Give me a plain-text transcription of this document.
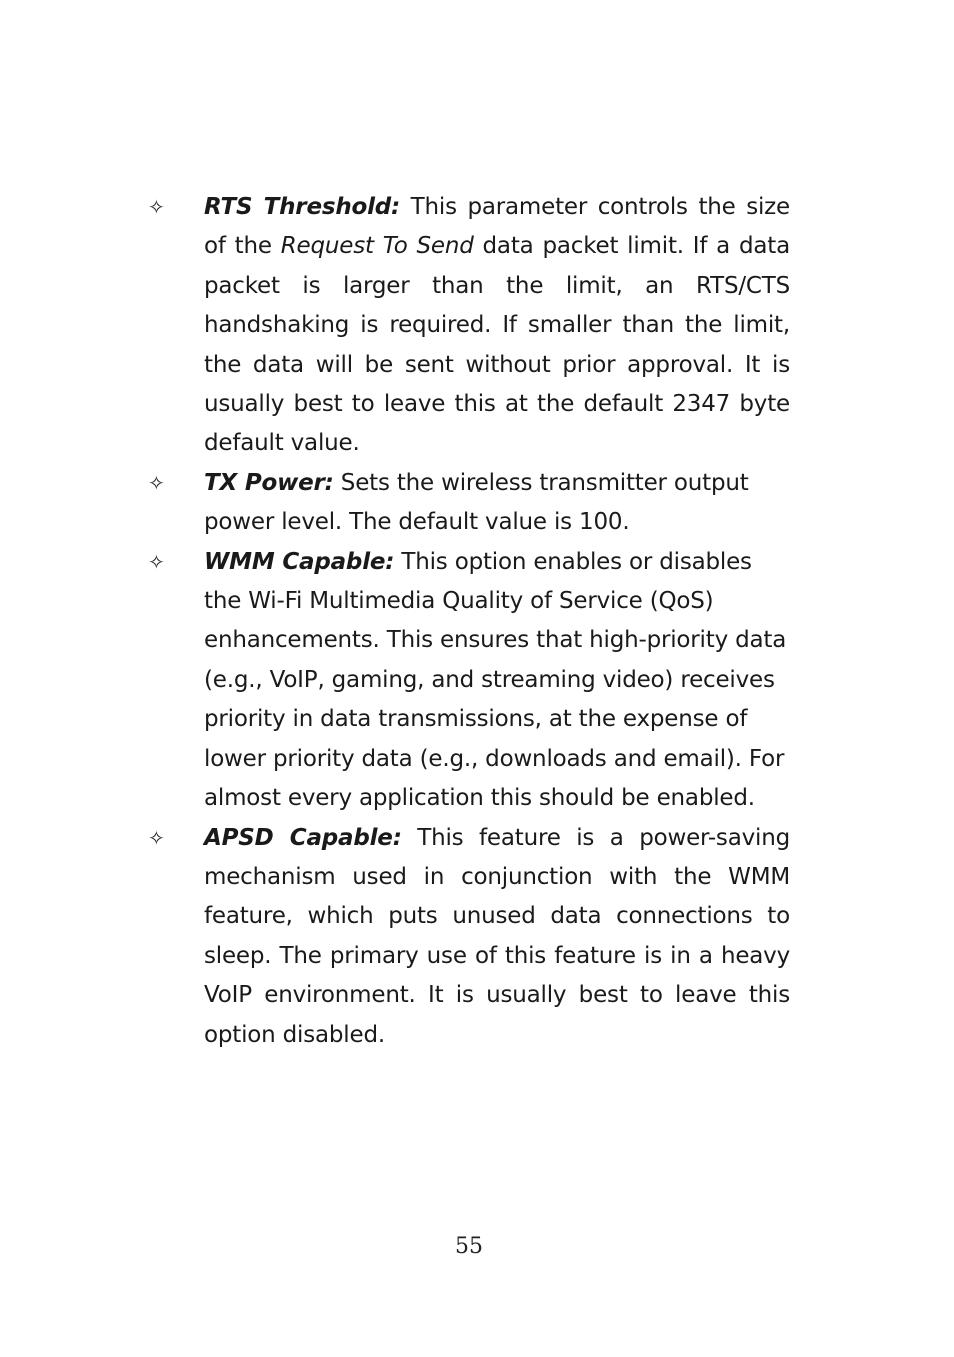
✧	RTS Threshold: This parameter controls the size of the Request To Send data packet limit. If a data packet is larger than the limit, an RTS/CTS handshaking is required. If smaller than the limit, the data will be sent without prior approval. It is usually best to leave this at the default 2347 byte default value.

✧	TX Power: Sets the wireless transmitter output power level. The default value is 100.

✧	WMM Capable: This option enables or disables the Wi-Fi Multimedia Quality of Service (QoS) enhancements. This ensures that high-priority data (e.g., VoIP, gaming, and streaming video) receives priority in data transmissions, at the expense of lower priority data (e.g., downloads and email). For almost every application this should be enabled.

✧	APSD Capable: This feature is a power-saving mechanism used in conjunction with the WMM feature, which puts unused data connections to sleep. The primary use of this feature is in a heavy VoIP environment. It is usually best to leave this option disabled.

55
